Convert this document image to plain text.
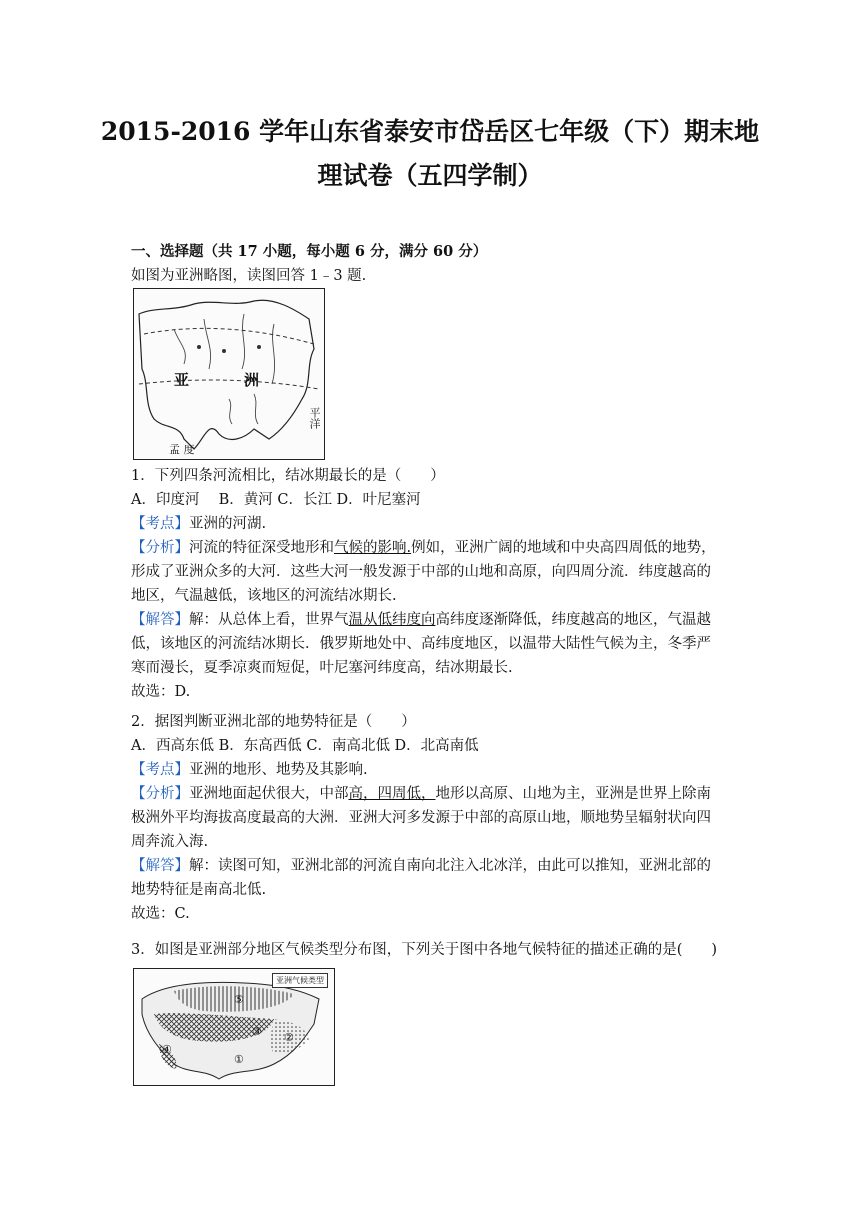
2015-2016 学年山东省泰安市岱岳区七年级（下）期末地
理试卷（五四学制）
一、选择题（共 17 小题，每小题 6 分，满分 60 分）
如图为亚洲略图，读图回答 1﹣3 题.
亚	洲
平洋
孟 度
1．下列四条河流相比，结冰期最长的是（　　）
A．印度河　 B．黄河 C．长江 D．叶尼塞河
【考点】亚洲的河湖.
【分析】河流的特征深受地形和气候的影响.例如，亚洲广阔的地域和中央高四周低的地势，
形成了亚洲众多的大河．这些大河一般发源于中部的山地和高原，向四周分流．纬度越高的
地区，气温越低，该地区的河流结冰期长.
【解答】解：从总体上看，世界气温从低纬度向高纬度逐渐降低，纬度越高的地区，气温越
低，该地区的河流结冰期长．俄罗斯地处中、高纬度地区，以温带大陆性气候为主，冬季严
寒而漫长，夏季凉爽而短促，叶尼塞河纬度高，结冰期最长.
故选：D.
2．据图判断亚洲北部的地势特征是（　　）
A．西高东低 B．东高西低 C．南高北低 D．北高南低
【考点】亚洲的地形、地势及其影响.
【分析】亚洲地面起伏很大，中部高，四周低，地形以高原、山地为主，亚洲是世界上除南
极洲外平均海拔高度最高的大洲．亚洲大河多发源于中部的高原山地，顺地势呈辐射状向四
周奔流入海.
【解答】解：读图可知，亚洲北部的河流自南向北注入北冰洋，由此可以推知，亚洲北部的
地势特征是南高北低.
故选：C.
3．如图是亚洲部分地区气候类型分布图，下列关于图中各地气候特征的描述正确的是(　　)
亚洲气候类型
①
②
③
④
⑤
